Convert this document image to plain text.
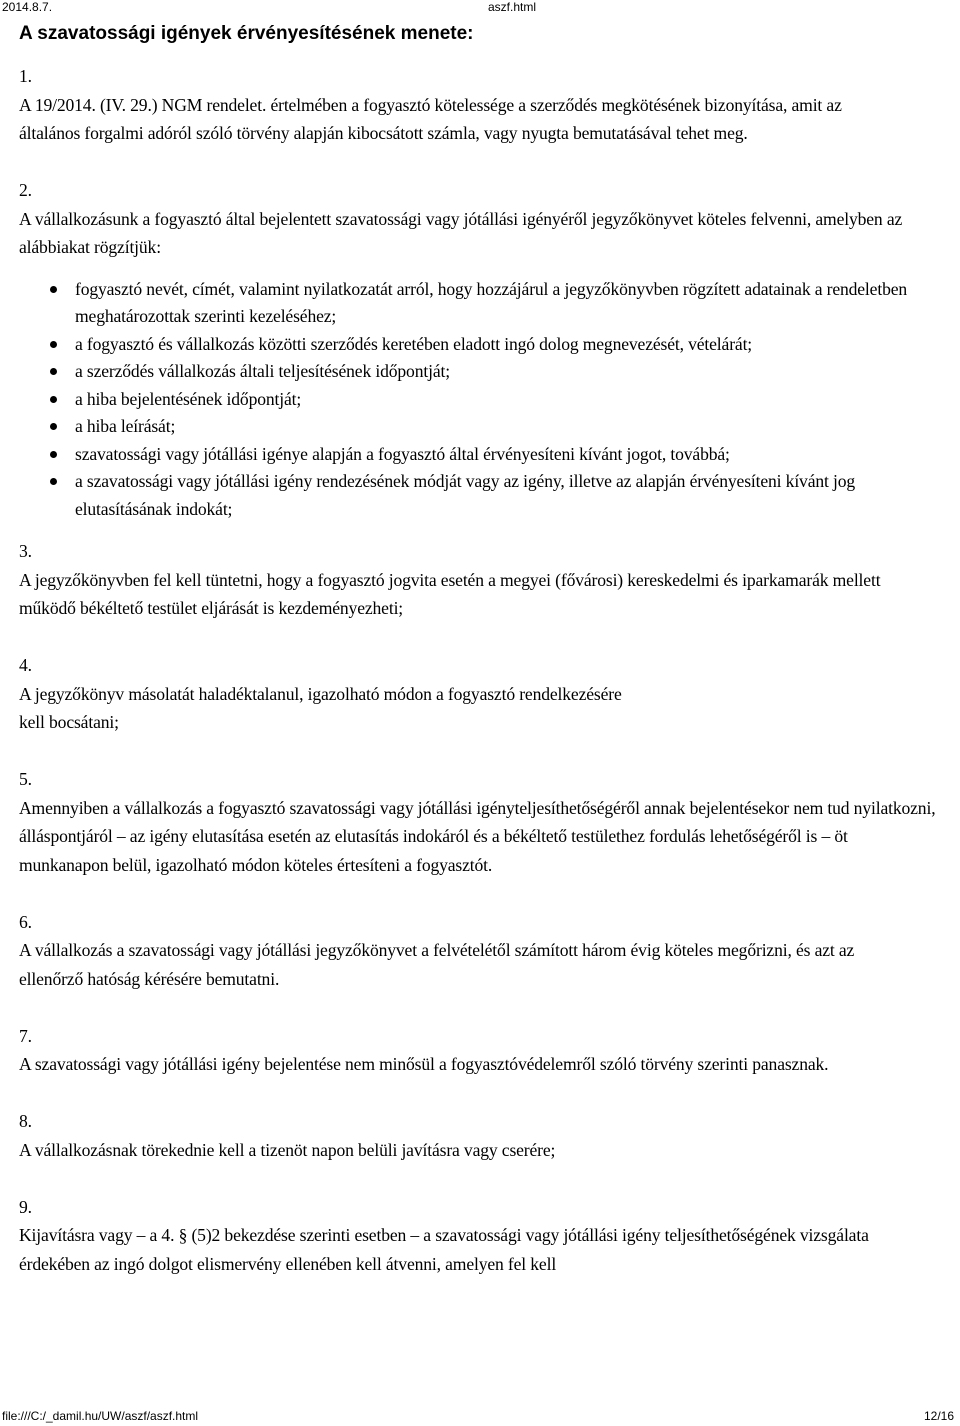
2014.8.7.	aszf.html
A szavatossági igények érvényesítésének menete:
1.

A 19/2014. (IV. 29.) NGM rendelet. értelmében a fogyasztó kötelessége a szerződés megkötésének bizonyítása, amit az általános forgalmi adóról szóló törvény alapján kibocsátott számla, vagy nyugta bemutatásával tehet meg.

2.

A vállalkozásunk a fogyasztó által bejelentett szavatossági vagy jótállási igényéről jegyzőkönyvet köteles felvenni, amelyben az alábbiakat rögzítjük:

fogyasztó nevét, címét, valamint nyilatkozatát arról, hogy hozzájárul a jegyzőkönyvben rögzített adatainak a rendeletben meghatározottak szerinti kezeléséhez;
a fogyasztó és vállalkozás közötti szerződés keretében eladott ingó dolog megnevezését, vételárát;
a szerződés vállalkozás általi teljesítésének időpontját;
a hiba bejelentésének időpontját;
a hiba leírását;
szavatossági vagy jótállási igénye alapján a fogyasztó által érvényesíteni kívánt jogot, továbbá;
a szavatossági vagy jótállási igény rendezésének módját vagy az igény, illetve az alapján érvényesíteni kívánt jog elutasításának indokát;
3.

A jegyzőkönyvben fel kell tüntetni, hogy a fogyasztó jogvita esetén a megyei (fővárosi) kereskedelmi és iparkamarák mellett működő békéltető testület eljárását is kezdeményezheti;

4.

A jegyzőkönyv másolatát haladéktalanul, igazolható módon a fogyasztó rendelkezésére kell bocsátani;

5.

Amennyiben a vállalkozás a fogyasztó szavatossági vagy jótállási igényteljesíthetőségéről annak bejelentésekor nem tud nyilatkozni, álláspontjáról – az igény elutasítása esetén az elutasítás indokáról és a békéltető testülethez fordulás lehetőségéről is – öt munkanapon belül, igazolható módon köteles értesíteni a fogyasztót.

6.

A vállalkozás a szavatossági vagy jótállási jegyzőkönyvet a felvételétől számított három évig köteles megőrizni, és azt az ellenőrző hatóság kérésére bemutatni.

7.

A szavatossági vagy jótállási igény bejelentése nem minősül a fogyasztóvédelemről szóló törvény szerinti panasznak.

8.

A vállalkozásnak törekednie kell a tizenöt napon belüli javításra vagy cserére;

9.

Kijavításra vagy – a 4. § (5)2 bekezdése szerinti esetben – a szavatossági vagy jótállási igény teljesíthetőségének vizsgálata érdekében az ingó dolgot elismervény ellenében kell átvenni, amelyen fel kell

file:///C:/_damil.hu/UW/aszf/aszf.html	12/16
